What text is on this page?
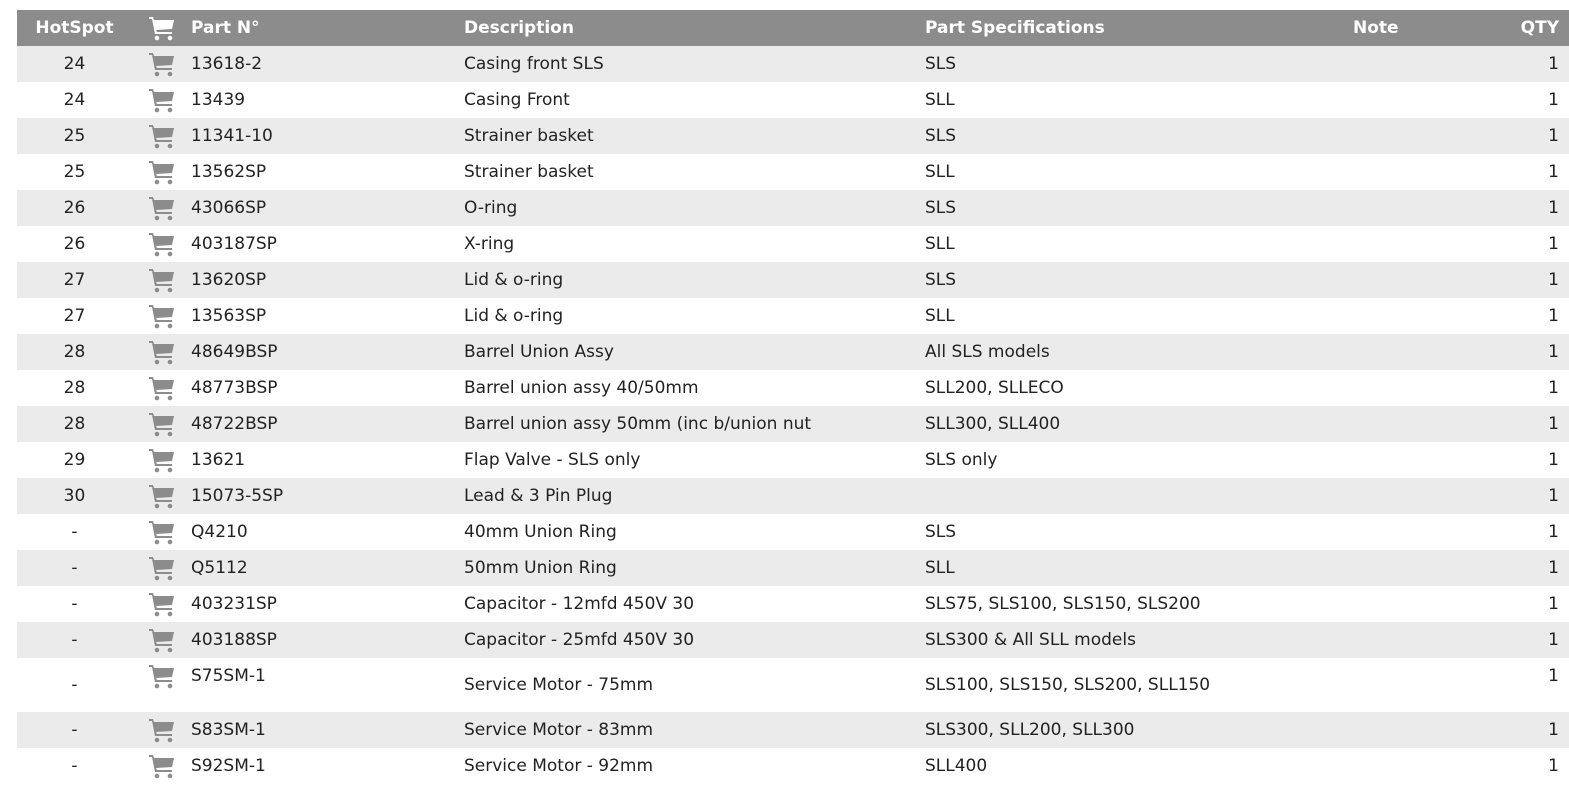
HotSpot		Part N°	Description	Part Specifications	Note	QTY
24		13618-2	Casing front SLS	SLS		1
24		13439	Casing Front	SLL		1
25		11341-10	Strainer basket	SLS		1
25		13562SP	Strainer basket	SLL		1
26		43066SP	O-ring	SLS		1
26		403187SP	X-ring	SLL		1
27		13620SP	Lid & o-ring	SLS		1
27		13563SP	Lid & o-ring	SLL		1
28		48649BSP	Barrel Union Assy	All SLS models		1
28		48773BSP	Barrel union assy 40/50mm	SLL200, SLLECO		1
28		48722BSP	Barrel union assy 50mm (inc b/union nut	SLL300, SLL400		1
29		13621	Flap Valve - SLS only	SLS only		1
30		15073-5SP	Lead & 3 Pin Plug			1
-		Q4210	40mm Union Ring	SLS		1
-		Q5112	50mm Union Ring	SLL		1
-		403231SP	Capacitor - 12mfd 450V 30	SLS75, SLS100, SLS150, SLS200		1
-		403188SP	Capacitor - 25mfd 450V 30	SLS300 & All SLL models		1
-		S75SM-1	Service Motor - 75mm	SLS100, SLS150, SLS200, SLL150		1
-		S83SM-1	Service Motor - 83mm	SLS300, SLL200, SLL300		1
-		S92SM-1	Service Motor - 92mm	SLL400		1
